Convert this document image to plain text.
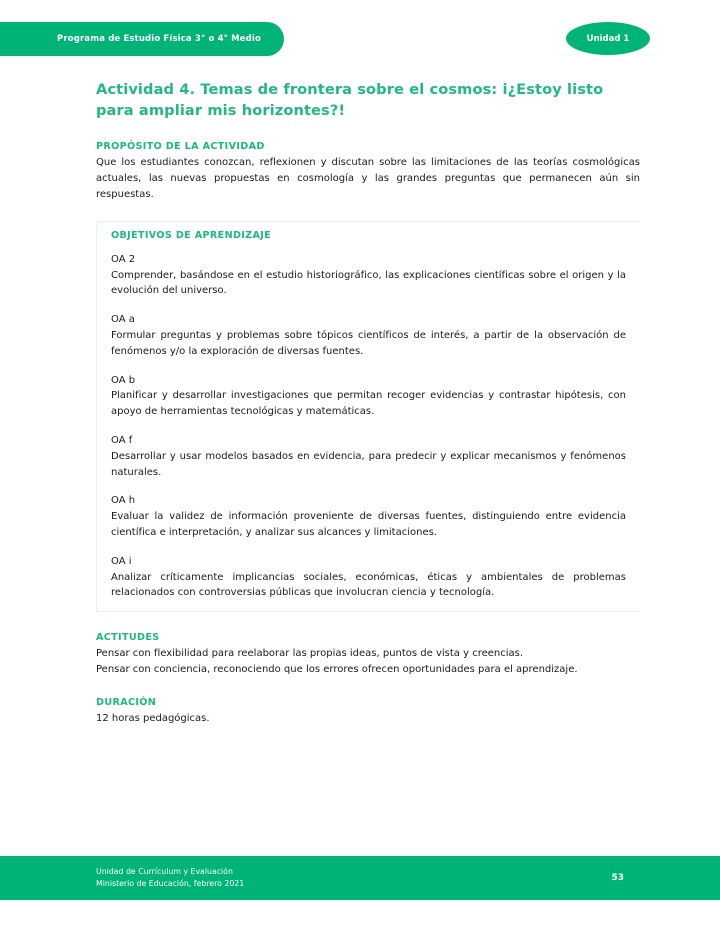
Programa de Estudio Física 3° o 4° Medio	Unidad 1
Actividad 4. Temas de frontera sobre el cosmos: i¿Estoy listo para ampliar mis horizontes?!
PROPÓSITO DE LA ACTIVIDAD

Que los estudiantes conozcan, reflexionen y discutan sobre las limitaciones de las teorías cosmológicas actuales, las nuevas propuestas en cosmología y las grandes preguntas que permanecen aún sin respuestas.

OBJETIVOS DE APRENDIZAJE

OA 2

Comprender, basándose en el estudio historiográfico, las explicaciones científicas sobre el origen y la evolución del universo.

OA a

Formular preguntas y problemas sobre tópicos científicos de interés, a partir de la observación de fenómenos y/o la exploración de diversas fuentes.

OA b

Planificar y desarrollar investigaciones que permitan recoger evidencias y contrastar hipótesis, con apoyo de herramientas tecnológicas y matemáticas.

OA f

Desarrollar y usar modelos basados en evidencia, para predecir y explicar mecanismos y fenómenos naturales.

OA h

Evaluar la validez de información proveniente de diversas fuentes, distinguiendo entre evidencia científica e interpretación, y analizar sus alcances y limitaciones.

OA i

Analizar críticamente implicancias sociales, económicas, éticas y ambientales de problemas relacionados con controversias públicas que involucran ciencia y tecnología.

ACTITUDES

Pensar con flexibilidad para reelaborar las propias ideas, puntos de vista y creencias.

Pensar con conciencia, reconociendo que los errores ofrecen oportunidades para el aprendizaje.

DURACIÓN

12 horas pedagógicas.

Unidad de Currículum y Evaluación
Ministerio de Educación, febrero 2021
53
